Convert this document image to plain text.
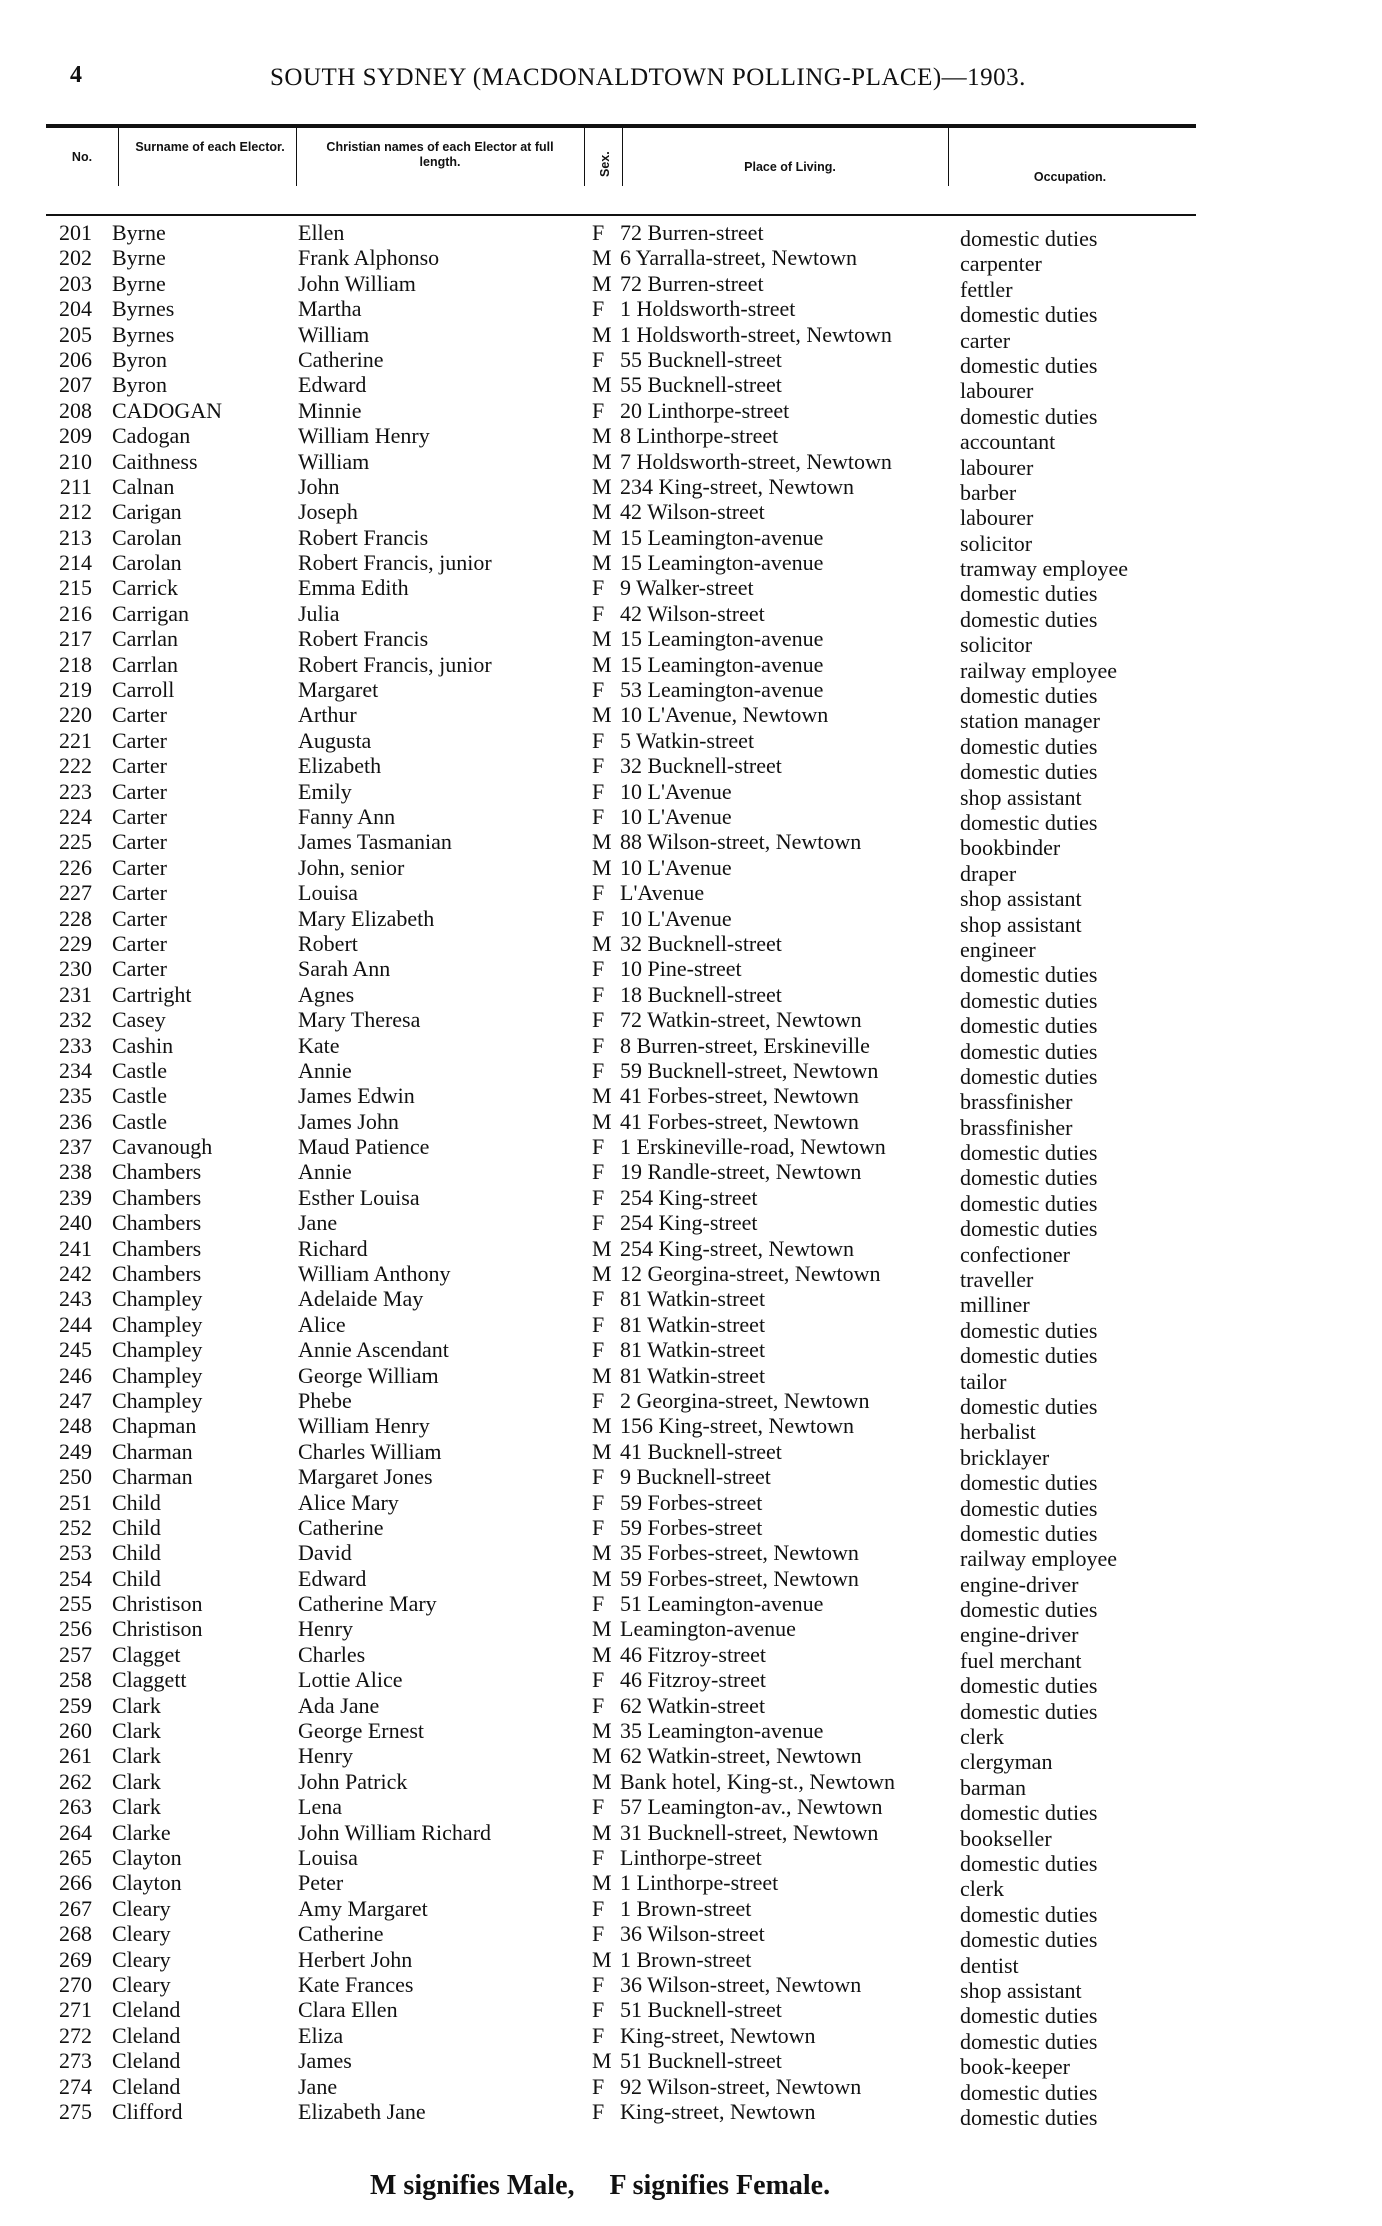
4	SOUTH SYDNEY (MACDONALDTOWN POLLING-PLACE)—1903.
No.
Surname of each Elector.	Christian names of each Elector at full length.	Sex.	Place of Living.
Occupation.
201 Byrne	Ellen	F 72 Burren-street	domestic duties
202 Byrne	Frank Alphonso	M 6 Yarralla-street, Newtown	carpenter
203 Byrne	John William	M 72 Burren-street	fettler
204 Byrnes	Martha	F 1 Holdsworth-street	domestic duties
205 Byrnes	William	M 1 Holdsworth-street, Newtown	carter
206 Byron	Catherine	F 55 Bucknell-street	domestic duties
207 Byron	Edward	M 55 Bucknell-street	labourer
208 CADOGAN	Minnie	F 20 Linthorpe-street	domestic duties
209 Cadogan	William Henry	M 8 Linthorpe-street	accountant
210 Caithness	William	M 7 Holdsworth-street, Newtown	labourer
211 Calnan	John	M 234 King-street, Newtown	barber
212 Carigan	Joseph	M 42 Wilson-street	labourer
213 Carolan	Robert Francis	M 15 Leamington-avenue	solicitor
214 Carolan	Robert Francis, junior	M 15 Leamington-avenue	tramway employee
215 Carrick	Emma Edith	F 9 Walker-street	domestic duties
216 Carrigan	Julia	F 42 Wilson-street	domestic duties
217 Carrlan	Robert Francis	M 15 Leamington-avenue	solicitor
218 Carrlan	Robert Francis, junior	M 15 Leamington-avenue	railway employee
219 Carroll	Margaret	F 53 Leamington-avenue	domestic duties
220 Carter	Arthur	M 10 L'Avenue, Newtown	station manager
221 Carter	Augusta	F 5 Watkin-street	domestic duties
222 Carter	Elizabeth	F 32 Bucknell-street	domestic duties
223 Carter	Emily	F 10 L'Avenue	shop assistant
224 Carter	Fanny Ann	F 10 L'Avenue	domestic duties
225 Carter	James Tasmanian	M 88 Wilson-street, Newtown	bookbinder
226 Carter	John, senior	M 10 L'Avenue	draper
227 Carter	Louisa	F L'Avenue	shop assistant
228 Carter	Mary Elizabeth	F 10 L'Avenue	shop assistant
229 Carter	Robert	M 32 Bucknell-street	engineer
230 Carter	Sarah Ann	F 10 Pine-street	domestic duties
231 Cartright	Agnes	F 18 Bucknell-street	domestic duties
232 Casey	Mary Theresa	F 72 Watkin-street, Newtown	domestic duties
233 Cashin	Kate	F 8 Burren-street, Erskineville	domestic duties
234 Castle	Annie	F 59 Bucknell-street, Newtown	domestic duties
235 Castle	James Edwin	M 41 Forbes-street, Newtown	brassfinisher
236 Castle	James John	M 41 Forbes-street, Newtown	brassfinisher
237 Cavanough	Maud Patience	F 1 Erskineville-road, Newtown	domestic duties
238 Chambers	Annie	F 19 Randle-street, Newtown	domestic duties
239 Chambers	Esther Louisa	F 254 King-street	domestic duties
240 Chambers	Jane	F 254 King-street	domestic duties
241 Chambers	Richard	M 254 King-street, Newtown	confectioner
242 Chambers	William Anthony	M 12 Georgina-street, Newtown	traveller
243 Champley	Adelaide May	F 81 Watkin-street	milliner
244 Champley	Alice	F 81 Watkin-street	domestic duties
245 Champley	Annie Ascendant	F 81 Watkin-street	domestic duties
246 Champley	George William	M 81 Watkin-street	tailor
247 Champley	Phebe	F 2 Georgina-street, Newtown	domestic duties
248 Chapman	William Henry	M 156 King-street, Newtown	herbalist
249 Charman	Charles William	M 41 Bucknell-street	bricklayer
250 Charman	Margaret Jones	F 9 Bucknell-street	domestic duties
251 Child	Alice Mary	F 59 Forbes-street	domestic duties
252 Child	Catherine	F 59 Forbes-street	domestic duties
253 Child	David	M 35 Forbes-street, Newtown	railway employee
254 Child	Edward	M 59 Forbes-street, Newtown	engine-driver
255 Christison	Catherine Mary	F 51 Leamington-avenue	domestic duties
256 Christison	Henry	M Leamington-avenue	engine-driver
257 Clagget	Charles	M 46 Fitzroy-street	fuel merchant
258 Claggett	Lottie Alice	F 46 Fitzroy-street	domestic duties
259 Clark	Ada Jane	F 62 Watkin-street	domestic duties
260 Clark	George Ernest	M 35 Leamington-avenue	clerk
261 Clark	Henry	M 62 Watkin-street, Newtown	clergyman
262 Clark	John Patrick	M Bank hotel, King-st., Newtown	barman
263 Clark	Lena	F 57 Leamington-av., Newtown	domestic duties
264 Clarke	John William Richard	M 31 Bucknell-street, Newtown	bookseller
265 Clayton	Louisa	F Linthorpe-street	domestic duties
266 Clayton	Peter	M 1 Linthorpe-street	clerk
267 Cleary	Amy Margaret	F 1 Brown-street	domestic duties
268 Cleary	Catherine	F 36 Wilson-street	domestic duties
269 Cleary	Herbert John	M 1 Brown-street	dentist
270 Cleary	Kate Frances	F 36 Wilson-street, Newtown	shop assistant
271 Cleland	Clara Ellen	F 51 Bucknell-street	domestic duties
272 Cleland	Eliza	F King-street, Newtown	domestic duties
273 Cleland	James	M 51 Bucknell-street	book-keeper
274 Cleland	Jane	F 92 Wilson-street, Newtown	domestic duties
275 Clifford	Elizabeth Jane	F King-street, Newtown	domestic duties
M signifies Male, F signifies Female.
